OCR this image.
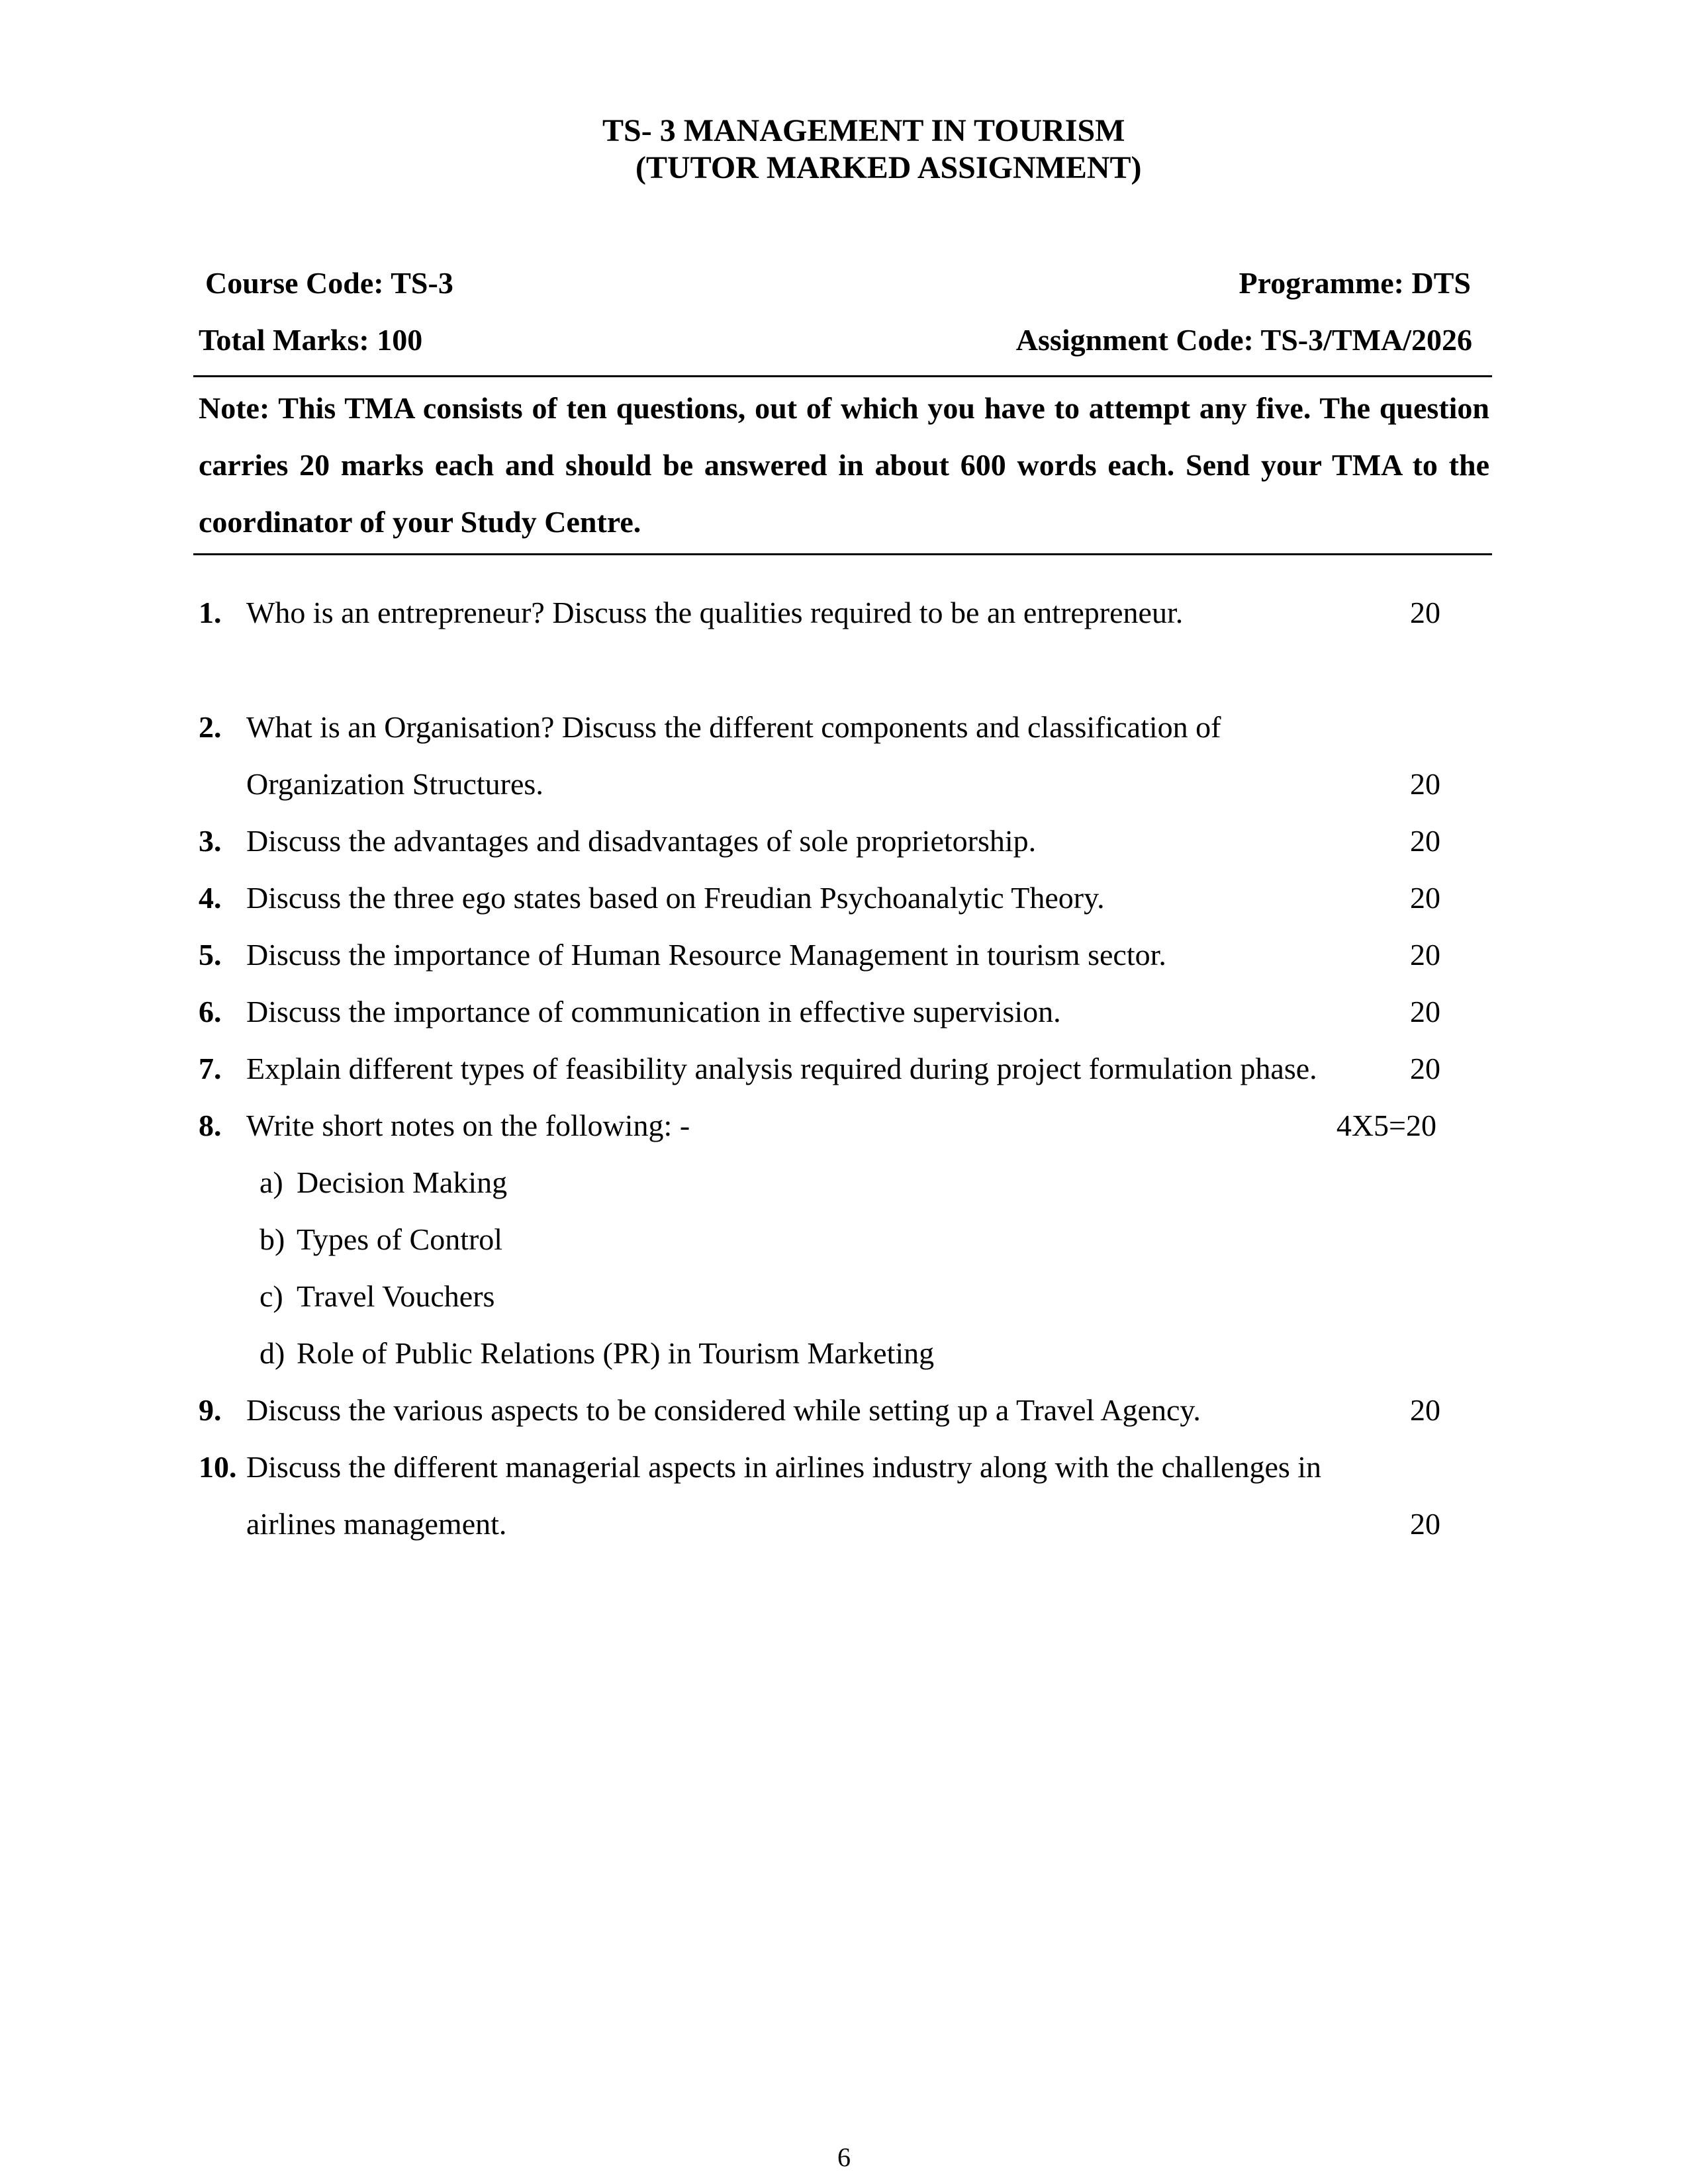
TS- 3 MANAGEMENT IN TOURISM
(TUTOR MARKED ASSIGNMENT)
Course Code: TS-3	Programme: DTS
Total Marks: 100	Assignment Code: TS-3/TMA/2026
Note: This TMA consists of ten questions, out of which you have to attempt any five. The question carries 20 marks each and should be answered in about 600 words each. Send your TMA to the coordinator of your Study Centre.
1. Who is an entrepreneur? Discuss the qualities required to be an entrepreneur.	20
2. What is an Organisation? Discuss the different components and classification of
Organization Structures.	20
3. Discuss the advantages and disadvantages of sole proprietorship.	20
4. Discuss the three ego states based on Freudian Psychoanalytic Theory.	20
5. Discuss the importance of Human Resource Management in tourism sector.	20
6. Discuss the importance of communication in effective supervision.	20
7. Explain different types of feasibility analysis required during project formulation phase.	20
8. Write short notes on the following: -	4X5=20
a) Decision Making
b) Types of Control
c) Travel Vouchers
d) Role of Public Relations (PR) in Tourism Marketing
9. Discuss the various aspects to be considered while setting up a Travel Agency.	20
10. Discuss the different managerial aspects in airlines industry along with the challenges in
airlines management.	20
6
